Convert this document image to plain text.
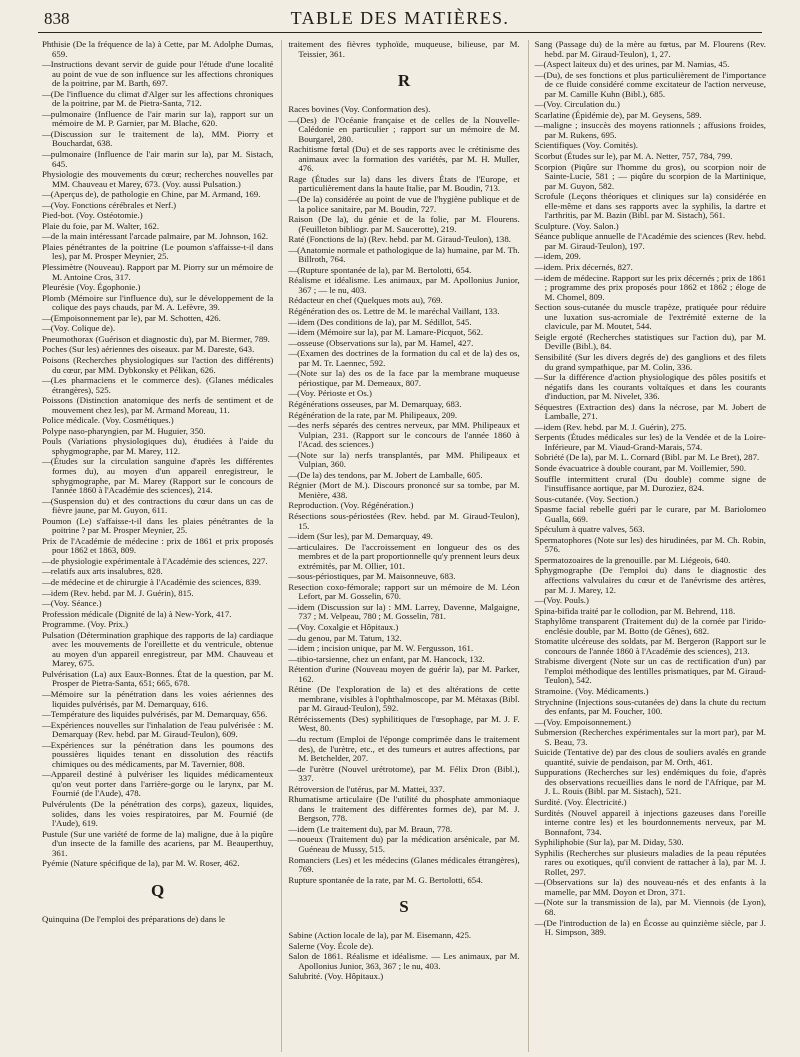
838	TABLE DES MATIÈRES.

Phthisie (De la fréquence de la) à Cette, par M. Adolphe Dumas, 659.

—Instructions devant servir de guide pour l'étude d'une localité au point de vue de son influence sur les affections chroniques de la poitrine, par M. Barth, 697.

—(De l'influence du climat d'Alger sur les affections chroniques de la poitrine, par M. de Pietra-Santa, 712.

—pulmonaire (Influence de l'air marin sur la), rapport sur un mémoire de M. P. Garnier, par M. Blache, 620.

—(Discussion sur le traitement de la), MM. Piorry et Bouchardat, 638.

—pulmonaire (Influence de l'air marin sur la), par M. Sistach, 645.

Physiologie des mouvements du cœur; recherches nouvelles par MM. Chauveau et Marey, 673. (Voy. aussi Pulsation.)

—(Aperçus de), de pathologie en Chine, par M. Armand, 169.

—(Voy. Fonctions cérébrales et Nerf.)

Pied-bot. (Voy. Ostéotomie.)

Plaie du foie, par M. Walter, 162.

—de la main intéressant l'arcade palmaire, par M. Johnson, 162.

Plaies pénétrantes de la poitrine (Le poumon s'affaisse-t-il dans les), par M. Prosper Meynier, 25.

Plessimètre (Nouveau). Rapport par M. Piorry sur un mémoire de M. Antoine Cros, 317.

Pleurésie (Voy. Égophonie.)

Plomb (Mémoire sur l'influence du), sur le développement de la colique des pays chauds, par M. A. Lefèvre, 39.

—(Empoisonnement par le), par M. Schotten, 426.

—(Voy. Colique de).

Pneumothorax (Guérison et diagnostic du), par M. Biermer, 789.

Poches (Sur les) aériennes des oiseaux. par M. Dareste, 643.

Poisons (Recherches physiologiques sur l'action des différents) du cœur, par MM. Dybkonsky et Pélikan, 626.

—(Les pharmaciens et le commerce des). (Glanes médicales étrangères), 525.

Poissons (Distinction anatomique des nerfs de sentiment et de mouvement chez les), par M. Armand Moreau, 11.

Police médicale. (Voy. Cosmétiques.)

Polype naso-pharyngien, par M. Huguier, 350.

Pouls (Variations physiologiques du), étudiées à l'aide du sphygmographe, par M. Marey, 112.

—(Études sur la circulation sanguine d'après les différentes formes du), au moyen d'un appareil enregistreur, le sphygmographe, par M. Marey (Rapport sur le concours de l'année 1860 à l'Académie des sciences), 214.

—(Suspension du) et des contractions du cœur dans un cas de fièvre jaune, par M. Guyon, 611.

Poumon (Le) s'affaisse-t-il dans les plaies pénétrantes de la poitrine ? par M. Prosper Meynier, 25.

Prix de l'Académie de médecine : prix de 1861 et prix proposés pour 1862 et 1863, 809.

—de physiologie expérimentale à l'Académie des sciences, 227.

—relatifs aux arts insalubres, 828.

—de médecine et de chirurgie à l'Académie des sciences, 839.

—idem (Rev. hebd. par M. J. Guérin), 815.

—(Voy. Séance.)

Profession médicale (Dignité de la) à New-York, 417.

Programme. (Voy. Prix.)

Pulsation (Détermination graphique des rapports de la) cardiaque avec les mouvements de l'oreillette et du ventricule, obtenue au moyen d'un appareil enregistreur, par MM. Chauveau et Marey, 675.

Pulvérisation (La) aux Eaux-Bonnes. État de la question, par M. Prosper de Pietra-Santa, 651; 665, 678.

—Mémoire sur la pénétration dans les voies aériennes des liquides pulvérisés, par M. Demarquay, 616.

—Température des liquides pulvérisés, par M. Demarquay, 656.

—Expériences nouvelles sur l'inhalation de l'eau pulvérisée : M. Demarquay (Rev. hebd. par M. Giraud-Teulon), 609.

—Expériences sur la pénétration dans les poumons des poussières liquides tenant en dissolution des réactifs chimiques ou des médicaments, par M. Tavernier, 808.

—Appareil destiné à pulvériser les liquides médicamenteux qu'on veut porter dans l'arrière-gorge ou le larynx, par M. Fournié (de l'Aude), 478.

Pulvérulents (De la pénétration des corps), gazeux, liquides, solides, dans les voies respiratoires, par M. Fournié (de l'Aude), 619.

Pustule (Sur une variété de forme de la) maligne, due à la piqûre d'un insecte de la famille des acariens, par M. Beauperthuy, 361.

Pyémie (Nature spécifique de la), par M. W. Roser, 462.

Q

Quinquina (De l'emploi des préparations de) dans le

traitement des fièvres typhoïde, muqueuse, bilieuse, par M. Teissier, 361.

R

Races bovines (Voy. Conformation des).

—(Des) de l'Océanie française et de celles de la Nouvelle-Calédonie en particulier ; rapport sur un mémoire de M. Bourgarel, 280.

Rachitisme fœtal (Du) et de ses rapports avec le crétinisme des animaux avec la formation des variétés, par M. H. Muller, 476.

Rage (Études sur la) dans les divers États de l'Europe, et particulièrement dans la haute Italie, par M. Boudin, 713.

—(De la) considérée au point de vue de l'hygiène publique et de la police sanitaire, par M. Boudin, 727.

Raison (De la), du génie et de la folie, par M. Flourens. (Feuilleton bibliogr. par M. Saucerotte), 219.

Raté (Fonctions de la) (Rev. hebd. par M. Giraud-Teulon), 138.

—(Anatomie normale et pathologique de la) humaine, par M. Th. Billroth, 764.

—(Rupture spontanée de la), par M. Bertolotti, 654.

Réalisme et idéalisme. Les animaux, par M. Apollonius Junior, 367 ; — le nu, 403.

Rédacteur en chef (Quelques mots au), 769.

Régénération des os. Lettre de M. le maréchal Vaillant, 133.

—idem (Des conditions de la), par M. Sédillot, 545.

—idem (Mémoire sur la), par M. Lamare-Picquot, 562.

—osseuse (Observations sur la), par M. Hamel, 427.

—(Examen des doctrines de la formation du cal et de la) des os, par M. Tr. Laennec, 592.

—(Note sur la) des os de la face par la membrane muqueuse périostique, par M. Demeaux, 807.

—(Voy. Périoste et Os.)

Régénérations osseuses, par M. Demarquay, 683.

Régénération de la rate, par M. Philipeaux, 209.

—des nerfs séparés des centres nerveux, par MM. Philipeaux et Vulpian, 231. (Rapport sur le concours de l'année 1860 à l'Acad. des sciences.)

—(Note sur la) nerfs transplantés, par MM. Philipeaux et Vulpian, 360.

—(De la) des tendons, par M. Jobert de Lamballe, 605.

Régnier (Mort de M.). Discours prononcé sur sa tombe, par M. Menière, 438.

Reproduction. (Voy. Régénération.)

Résections sous-périostées (Rev. hebd. par M. Giraud-Teulon), 15.

—idem (Sur les), par M. Demarquay, 49.

—articulaires. De l'accroissement en longueur des os des membres et de la part proportionnelle qu'y prennent leurs deux extrémités, par M. Ollier, 101.

—sous-périostiques, par M. Maisonneuve, 683.

Resection coxo-fémorale; rapport sur un mémoire de M. Léon Lefort, par M. Gosselin, 670.

—idem (Discussion sur la) : MM. Larrey, Davenne, Malgaigne, 737 ; M. Velpeau, 780 ; M. Gosselin, 781.

—(Voy. Coxalgie et Hôpitaux.)

—du genou, par M. Tatum, 132.

—idem ; incision unique, par M. W. Fergusson, 161.

—tibio-tarsienne, chez un enfant, par M. Hancock, 132.

Rétention d'urine (Nouveau moyen de guérir la), par M. Parker, 162.

Rétine (De l'exploration de la) et des altérations de cette membrane, visibles à l'ophthalmoscope, par M. Métaxas (Bibl. par M. Giraud-Teulon), 592.

Rétrécissements (Des) syphilitiques de l'œsophage, par M. J. F. West, 80.

—du rectum (Emploi de l'éponge comprimée dans le traitement des), de l'urètre, etc., et des tumeurs et autres affections, par M. Betchelder, 207.

—de l'urètre (Nouvel urétrotome), par M. Félix Dron (Bibl.), 337.

Rétroversion de l'utérus, par M. Mattei, 337.

Rhumatisme articulaire (De l'utilité du phosphate ammoniaque dans le traitement des différentes formes de), par M. J. Bergson, 778.

—idem (Le traitement du), par M. Braun, 778.

—noueux (Traitement du) par la médication arsénicale, par M. Guéneau de Mussy, 515.

Romanciers (Les) et les médecins (Glanes médicales étrangères), 769.

Rupture spontanée de la rate, par M. G. Bertolotti, 654.

S

Sabine (Action locale de la), par M. Eisemann, 425.

Salerne (Voy. École de).

Salon de 1861. Réalisme et idéalisme. — Les animaux, par M. Apollonius Junior, 363, 367 ; le nu, 403.

Salubrité. (Voy. Hôpitaux.)

Sang (Passage du) de la mère au fœtus, par M. Flourens (Rev. hebd. par M. Giraud-Teulon), 1, 27.

—(Aspect laiteux du) et des urines, par M. Namias, 45.

—(Du), de ses fonctions et plus particulièrement de l'importance de ce fluide considéré comme excitateur de l'action nerveuse, par M. Camille Kuhn (Bibl.), 685.

—(Voy. Circulation du.)

Scarlatine (Épidémie de), par M. Geysens, 589.

—maligne ; insuccès des moyens rationnels ; affusions froides, par M. Rukens, 695.

Scientifiques (Voy. Comités).

Scorbut (Études sur le), par M. A. Netter, 757, 784, 799.

Scorpion (Piqûre sur l'homme du gros), ou scorpion noir de Sainte-Lucie, 581 ; — piqûre du scorpion de la Martinique, par M. Guyon, 582.

Scrofule (Leçons théoriques et cliniques sur la) considérée en elle-même et dans ses rapports avec la syphilis, la dartre et l'arthritis, par M. Bazin (Bibl. par M. Sistach), 561.

Sculpture. (Voy. Salon.)

Séance publique annuelle de l'Académie des sciences (Rev. hebd. par M. Giraud-Teulon), 197.

—idem, 209.

—idem. Prix décernés, 827.

—idem de médecine. Rapport sur les prix décernés ; prix de 1861 ; programme des prix proposés pour 1862 et 1862 ; éloge de M. Chomel, 809.

Section sous-cutanée du muscle trapèze, pratiquée pour réduire une luxation sus-acromiale de l'extrémité externe de la clavicule, par M. Moutet, 544.

Seigle ergoté (Recherches statistiques sur l'action du), par M. Deville (Bibl.), 84.

Sensibilité (Sur les divers degrés de) des ganglions et des filets du grand sympathique, par M. Colin, 336.

—Sur la différence d'action physiologique des pôles positifs et négatifs dans les courants voltaïques et dans les courants d'induction, par M. Nivelet, 336.

Séquestres (Extraction des) dans la nécrose, par M. Jobert de Lamballe, 271.

—idem (Rev. hebd. par M. J. Guérin), 275.

Serpents (Études médicales sur les) de la Vendée et de la Loire-Inférieure, par M. Viaud-Grand-Marais, 574.

Sobriété (De la), par M. L. Cornard (Bibl. par M. Le Bret), 287.

Sonde évacuatrice à double courant, par M. Voillemier, 590.

Souffle intermittent crural (Du double) comme signe de l'insuffisance aortique, par M. Duroziez, 824.

Sous-cutanée. (Voy. Section.)

Spasme facial rebelle guéri par le curare, par M. Bariolomeo Gualla, 669.

Spéculum à quatre valves, 563.

Spermatophores (Note sur les) des hirudinées, par M. Ch. Robin, 576.

Spermatozoaires de la grenouille. par M. Liégeois, 640.

Sphygmographe (De l'emploi du) dans le diagnostic des affections valvulaires du cœur et de l'anévrisme des artères, par M. J. Marey, 12.

—(Voy. Pouls.)

Spina-bifida traité par le collodion, par M. Behrend, 118.

Staphylôme transparent (Traitement du) de la cornée par l'irido-enclésie double, par M. Botto (de Gênes), 682.

Stomatite ulcéreuse des soldats, par M. Bergeron (Rapport sur le concours de l'année 1860 à l'Académie des sciences), 213.

Strabisme divergent (Note sur un cas de rectification d'un) par l'emploi méthodique des lentilles prismatiques, par M. Giraud-Teulon), 542.

Stramoine. (Voy. Médicaments.)

Strychnine (Injections sous-cutanées de) dans la chute du rectum des enfants, par M. Foucher, 100.

—(Voy. Empoisonnement.)

Submersion (Recherches expérimentales sur la mort par), par M. S. Beau, 73.

Suicide (Tentative de) par des clous de souliers avalés en grande quantité, suivie de pendaison, par M. Orth, 461.

Suppurations (Recherches sur les) endémiques du foie, d'après des observations recueillies dans le nord de l'Afrique, par M. J. L. Rouis (Bibl. par M. Sistach), 521.

Surdité. (Voy. Électricité.)

Surdités (Nouvel appareil à injections gazeuses dans l'oreille interne contre les) et les bourdonnements nerveux, par M. Bonnafont, 734.

Syphiliphobie (Sur la), par M. Diday, 530.

Syphilis (Recherches sur plusieurs maladies de la peau réputées rares ou exotiques, qu'il convient de rattacher à la), par M. J. Rollet, 297.

—(Observations sur la) des nouveau-nés et des enfants à la mamelle, par MM. Doyon et Dron, 371.

—(Note sur la transmission de la), par M. Viennois (de Lyon), 68.

—(De l'introduction de la) en Écosse au quinzième siècle, par J. H. Simpson, 389.
